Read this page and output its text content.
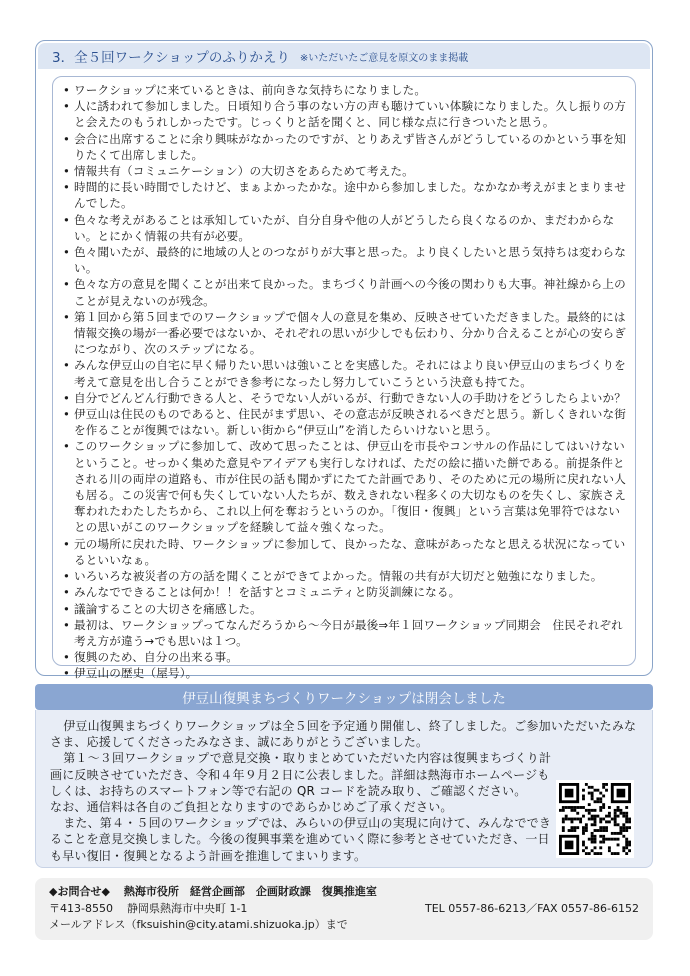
3．全５回ワークショップのふりかえり ※いただいたご意見を原文のまま掲載
• ワークショップに来ているときは、前向きな気持ちになりました。
• 人に誘われて参加しました。日頃知り合う事のない方の声も聴けていい体験になりました。久し振りの方と会えたのもうれしかったです。じっくりと話を聞くと、同じ様な点に行きついたと思う。
• 会合に出席することに余り興味がなかったのですが、とりあえず皆さんがどうしているのかという事を知りたくて出席しました。
• 情報共有（コミュニケーション）の大切さをあらためて考えた。
• 時間的に長い時間でしたけど、まぁよかったかな。途中から参加しました。なかなか考えがまとまりませんでした。
• 色々な考えがあることは承知していたが、自分自身や他の人がどうしたら良くなるのか、まだわからない。とにかく情報の共有が必要。
• 色々聞いたが、最終的に地域の人とのつながりが大事と思った。より良くしたいと思う気持ちは変わらない。
• 色々な方の意見を聞くことが出来て良かった。まちづくり計画への今後の関わりも大事。神社線から上のことが見えないのが残念。
• 第１回から第５回までのワークショップで個々人の意見を集め、反映させていただきました。最終的には情報交換の場が一番必要ではないか、それぞれの思いが少しでも伝わり、分かり合えることが心の安らぎにつながり、次のステップになる。
• みんな伊豆山の自宅に早く帰りたい思いは強いことを実感した。それにはより良い伊豆山のまちづくりを考えて意見を出し合うことができ参考になったし努力していこうという決意も持てた。
• 自分でどんどん行動できる人と、そうでない人がいるが、行動できない人の手助けをどうしたらよいか？
• 伊豆山は住民のものであると、住民がまず思い、その意志が反映されるべきだと思う。新しくきれいな街を作ることが復興ではない。新しい街から“伊豆山”を消したらいけないと思う。
• このワークショップに参加して、改めて思ったことは、伊豆山を市長やコンサルの作品にしてはいけないということ。せっかく集めた意見やアイデアも実行しなければ、ただの絵に描いた餅である。前提条件とされる川の両岸の道路も、市が住民の話も聞かずにたてた計画であり、そのために元の場所に戻れない人も居る。この災害で何も失くしていない人たちが、数えきれない程多くの大切なものを失くし、家族さえ奪われたわたしたちから、これ以上何を奪おうというのか。「復旧・復興」という言葉は免罪符ではないとの思いがこのワークショップを経験して益々強くなった。
• 元の場所に戻れた時、ワークショップに参加して、良かったな、意味があったなと思える状況になっているといいなぁ。
• いろいろな被災者の方の話を聞くことができてよかった。情報の共有が大切だと勉強になりました。
• みんなでできることは何か！！を話すとコミュニティと防災訓練になる。
• 議論することの大切さを痛感した。
• 最初は、ワークショップってなんだろうから～今日が最後⇒年１回ワークショップ同期会　住民それぞれ考え方が違う→でも思いは１つ。
• 復興のため、自分の出来る事。
• 伊豆山の歴史（屋号）。
伊豆山復興まちづくりワークショップは閉会しました

伊豆山復興まちづくりワークショップは全５回を予定通り開催し、終了しました。ご参加いただいたみなさま、応援してくださったみなさま、誠にありがとうございました。

第１～３回ワークショップで意見交換・取りまとめていただいた内容は復興まちづくり計画に反映させていただき、令和４年９月２日に公表しました。詳細は熱海市ホームページもしくは、お持ちのスマートフォン等で右記の QR コードを読み取り、ご確認ください。

なお、通信料は各自のご負担となりますのであらかじめご了承ください。

また、第４・５回のワークショップでは、みらいの伊豆山の実現に向けて、みんなでできることを意見交換しました。今後の復興事業を進めていく際に参考とさせていただき、一日も早い復旧・復興となるよう計画を推進してまいります。

◆お問合せ◆ 熱海市役所　経営企画部　企画財政課　復興推進室
〒413-8550 静岡県熱海市中央町 1-1	TEL 0557-86-6213／FAX 0557-86-6152
メールアドレス（fksuishin@city.atami.shizuoka.jp）まで
